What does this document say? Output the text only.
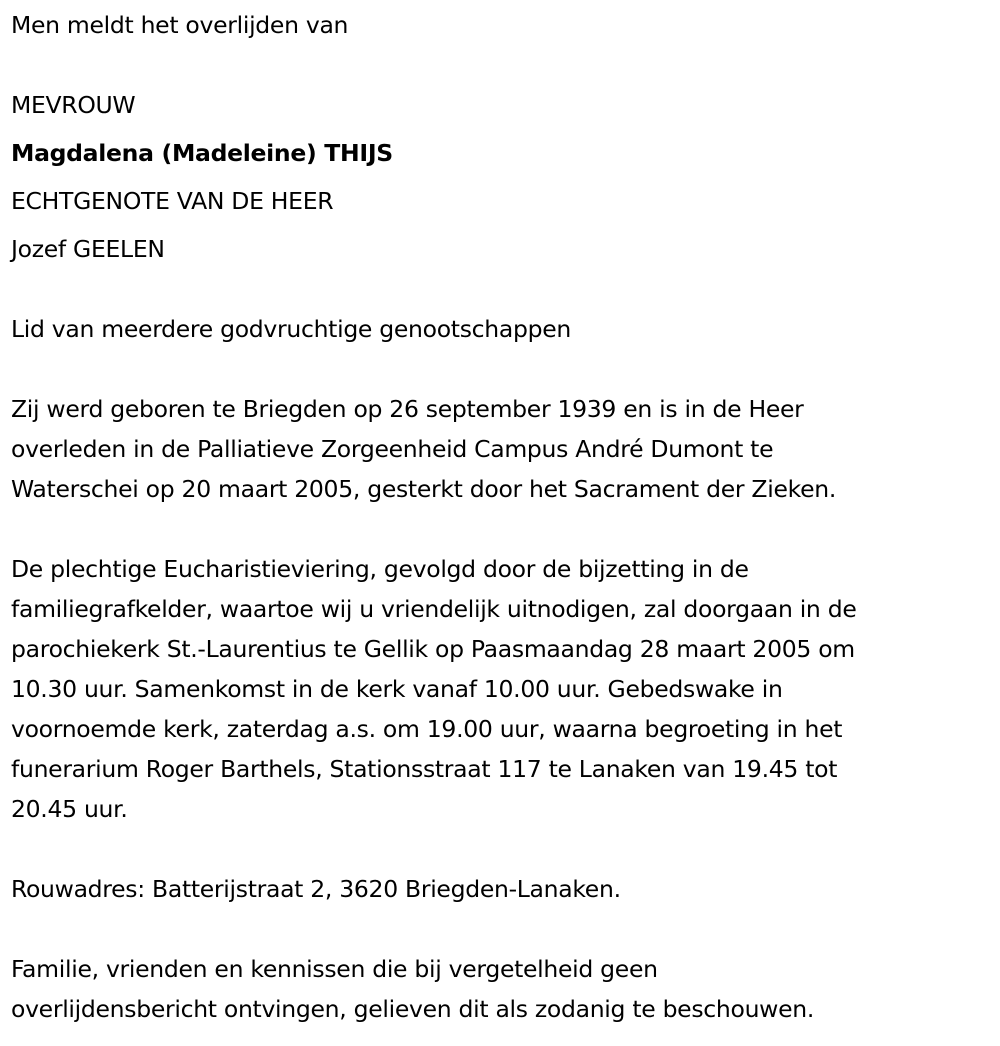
Men meldt het overlijden van
MEVROUW
Magdalena (Madeleine) THIJS
ECHTGENOTE VAN DE HEER
Jozef GEELEN
Lid van meerdere godvruchtige genootschappen
Zij werd geboren te Briegden op 26 september 1939 en is in de Heer
overleden in de Palliatieve Zorgeenheid Campus André Dumont te
Waterschei op 20 maart 2005, gesterkt door het Sacrament der Zieken.
De plechtige Eucharistieviering, gevolgd door de bijzetting in de
familiegrafkelder, waartoe wij u vriendelijk uitnodigen, zal doorgaan in de
parochiekerk St.-Laurentius te Gellik op Paasmaandag 28 maart 2005 om
10.30 uur. Samenkomst in de kerk vanaf 10.00 uur. Gebedswake in
voornoemde kerk, zaterdag a.s. om 19.00 uur, waarna begroeting in het
funerarium Roger Barthels, Stationsstraat 117 te Lanaken van 19.45 tot
20.45 uur.
Rouwadres: Batterijstraat 2, 3620 Briegden-Lanaken.
Familie, vrienden en kennissen die bij vergetelheid geen
overlijdensbericht ontvingen, gelieven dit als zodanig te beschouwen.
